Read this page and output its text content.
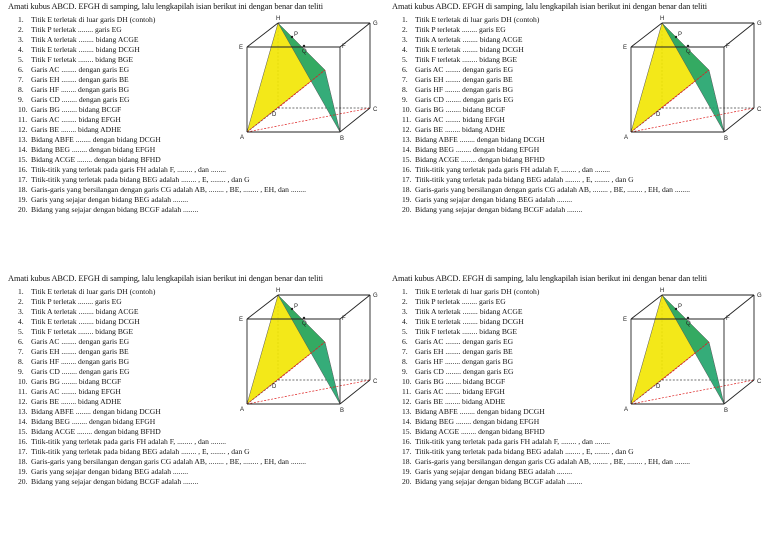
Amati kubus ABCD. EFGH di samping, lalu lengkapilah isian berikut ini dengan benar dan teliti
1. Titik E terletak di luar garis DH (contoh)
2. Titik P terletak ........ garis EG
3. Titik A terletak ........ bidang ACGE
4. Titik E terletak ........ bidang DCGH
5. Titik F terletak ........ bidang BGE
6. Garis AC ........ dengan garis EG
7. Garis EH ........ dengan garis BE
8. Garis HF ........ dengan garis BG
9. Garis CD ........ dengan garis EG
10. Garis BG ........ bidang BCGF
11. Garis AC ........ bidang EFGH
12. Garis BE ........ bidang ADHE
13. Bidang ABFE ........ dengan bidang DCGH
14. Bidang BEG ........ dengan bidang EFGH
15. Bidang ACGE ........ dengan bidang BFHD
16. Titik-titik yang terletak pada garis FH adalah F, ........ , dan ........
17. Titik-titik yang terletak pada bidang BEG adalah ........ , E, ........ , dan G
18. Garis-garis yang bersilangan dengan garis CG adalah AB, ........ , BE, ........ , EH, dan ........
19. Garis yang sejajar dengan bidang BEG adalah ........
20. Bidang yang sejajar dengan bidang BCGF adalah ........
H
G
E	F
P
Q
D
C
A	B
Amati kubus ABCD. EFGH di samping, lalu lengkapilah isian berikut ini dengan benar dan teliti
1. Titik E terletak di luar garis DH (contoh)
2. Titik P terletak ........ garis EG
3. Titik A terletak ........ bidang ACGE
4. Titik E terletak ........ bidang DCGH
5. Titik F terletak ........ bidang BGE
6. Garis AC ........ dengan garis EG
7. Garis EH ........ dengan garis BE
8. Garis HF ........ dengan garis BG
9. Garis CD ........ dengan garis EG
10. Garis BG ........ bidang BCGF
11. Garis AC ........ bidang EFGH
12. Garis BE ........ bidang ADHE
13. Bidang ABFE ........ dengan bidang DCGH
14. Bidang BEG ........ dengan bidang EFGH
15. Bidang ACGE ........ dengan bidang BFHD
16. Titik-titik yang terletak pada garis FH adalah F, ........ , dan ........
17. Titik-titik yang terletak pada bidang BEG adalah ........ , E, ........ , dan G
18. Garis-garis yang bersilangan dengan garis CG adalah AB, ........ , BE, ........ , EH, dan ........
19. Garis yang sejajar dengan bidang BEG adalah ........
20. Bidang yang sejajar dengan bidang BCGF adalah ........
H
G
E	F
P
Q
D
C
A	B
Amati kubus ABCD. EFGH di samping, lalu lengkapilah isian berikut ini dengan benar dan teliti
1. Titik E terletak di luar garis DH (contoh)
2. Titik P terletak ........ garis EG
3. Titik A terletak ........ bidang ACGE
4. Titik E terletak ........ bidang DCGH
5. Titik F terletak ........ bidang BGE
6. Garis AC ........ dengan garis EG
7. Garis EH ........ dengan garis BE
8. Garis HF ........ dengan garis BG
9. Garis CD ........ dengan garis EG
10. Garis BG ........ bidang BCGF
11. Garis AC ........ bidang EFGH
12. Garis BE ........ bidang ADHE
13. Bidang ABFE ........ dengan bidang DCGH
14. Bidang BEG ........ dengan bidang EFGH
15. Bidang ACGE ........ dengan bidang BFHD
16. Titik-titik yang terletak pada garis FH adalah F, ........ , dan ........
17. Titik-titik yang terletak pada bidang BEG adalah ........ , E, ........ , dan G
18. Garis-garis yang bersilangan dengan garis CG adalah AB, ........ , BE, ........ , EH, dan ........
19. Garis yang sejajar dengan bidang BEG adalah ........
20. Bidang yang sejajar dengan bidang BCGF adalah ........
H
G
E	F
P
Q
D
C
A	B
Amati kubus ABCD. EFGH di samping, lalu lengkapilah isian berikut ini dengan benar dan teliti
1. Titik E terletak di luar garis DH (contoh)
2. Titik P terletak ........ garis EG
3. Titik A terletak ........ bidang ACGE
4. Titik E terletak ........ bidang DCGH
5. Titik F terletak ........ bidang BGE
6. Garis AC ........ dengan garis EG
7. Garis EH ........ dengan garis BE
8. Garis HF ........ dengan garis BG
9. Garis CD ........ dengan garis EG
10. Garis BG ........ bidang BCGF
11. Garis AC ........ bidang EFGH
12. Garis BE ........ bidang ADHE
13. Bidang ABFE ........ dengan bidang DCGH
14. Bidang BEG ........ dengan bidang EFGH
15. Bidang ACGE ........ dengan bidang BFHD
16. Titik-titik yang terletak pada garis FH adalah F, ........ , dan ........
17. Titik-titik yang terletak pada bidang BEG adalah ........ , E, ........ , dan G
18. Garis-garis yang bersilangan dengan garis CG adalah AB, ........ , BE, ........ , EH, dan ........
19. Garis yang sejajar dengan bidang BEG adalah ........
20. Bidang yang sejajar dengan bidang BCGF adalah ........
H
G
E	F
P
Q
D
C
A	B
